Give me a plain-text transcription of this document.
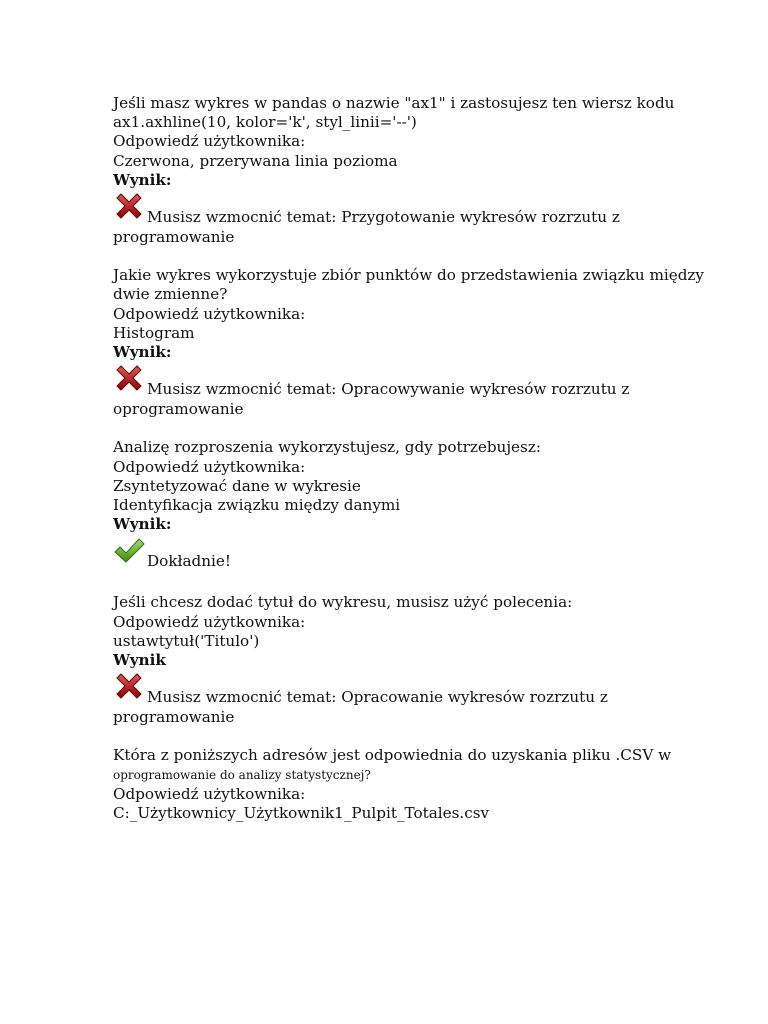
Jeśli masz wykres w pandas o nazwie "ax1" i zastosujesz ten wiersz kodu
ax1.axhline(10, kolor='k', styl_linii='--')
Odpowiedź użytkownika:
Czerwona, przerywana linia pozioma
Wynik:
Musisz wzmocnić temat: Przygotowanie wykresów rozrzutu z
programowanie
Jakie wykres wykorzystuje zbiór punktów do przedstawienia związku między
dwie zmienne?
Odpowiedź użytkownika:
Histogram
Wynik:
Musisz wzmocnić temat: Opracowywanie wykresów rozrzutu z
oprogramowanie
Analizę rozproszenia wykorzystujesz, gdy potrzebujesz:
Odpowiedź użytkownika:
Zsyntetyzować dane w wykresie
Identyfikacja związku między danymi
Wynik:
Dokładnie!
Jeśli chcesz dodać tytuł do wykresu, musisz użyć polecenia:
Odpowiedź użytkownika:
ustawtytuł('Titulo')
Wynik
Musisz wzmocnić temat: Opracowanie wykresów rozrzutu z
programowanie
Która z poniższych adresów jest odpowiednia do uzyskania pliku .CSV w
oprogramowanie do analizy statystycznej?
Odpowiedź użytkownika:
C:_Użytkownicy_Użytkownik1_Pulpit_Totales.csv
